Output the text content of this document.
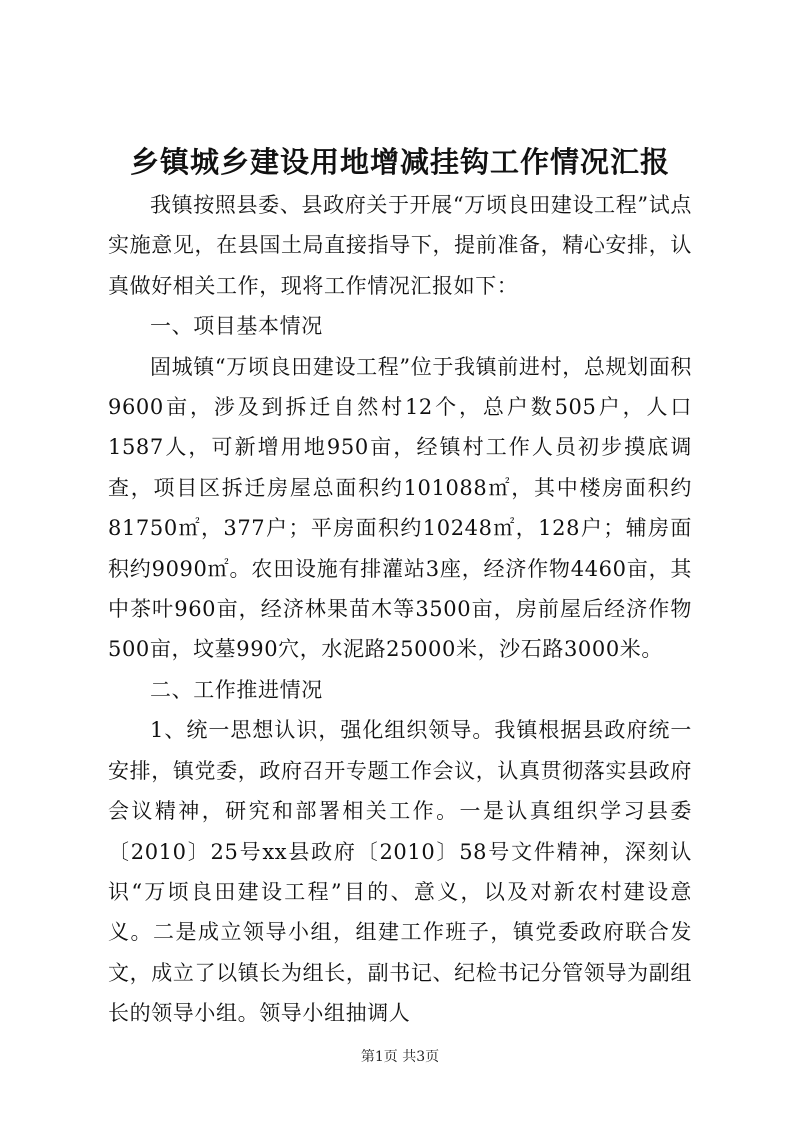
乡镇城乡建设用地增减挂钩工作情况汇报

我镇按照县委、县政府关于开展“万顷良田建设工程”试点实施意见，在县国土局直接指导下，提前准备，精心安排，认真做好相关工作，现将工作情况汇报如下：

一、项目基本情况

固城镇“万顷良田建设工程”位于我镇前进村，总规划面积9600亩，涉及到拆迁自然村12个，总户数505户，人口1587人，可新增用地950亩，经镇村工作人员初步摸底调查，项目区拆迁房屋总面积约101088㎡，其中楼房面积约81750㎡，377户；平房面积约10248㎡，128户；辅房面积约9090㎡。农田设施有排灌站3座，经济作物4460亩，其中茶叶960亩，经济林果苗木等3500亩，房前屋后经济作物500亩，坟墓990穴，水泥路25000米，沙石路3000米。

二、工作推进情况

1、统一思想认识，强化组织领导。我镇根据县政府统一安排，镇党委，政府召开专题工作会议，认真贯彻落实县政府会议精神，研究和部署相关工作。一是认真组织学习县委〔2010〕25号xx县政府〔2010〕58号文件精神，深刻认识“万顷良田建设工程”目的、意义，以及对新农村建设意义。二是成立领导小组，组建工作班子，镇党委政府联合发文，成立了以镇长为组长，副书记、纪检书记分管领导为副组长的领导小组。领导小组抽调人

第1页 共3页
